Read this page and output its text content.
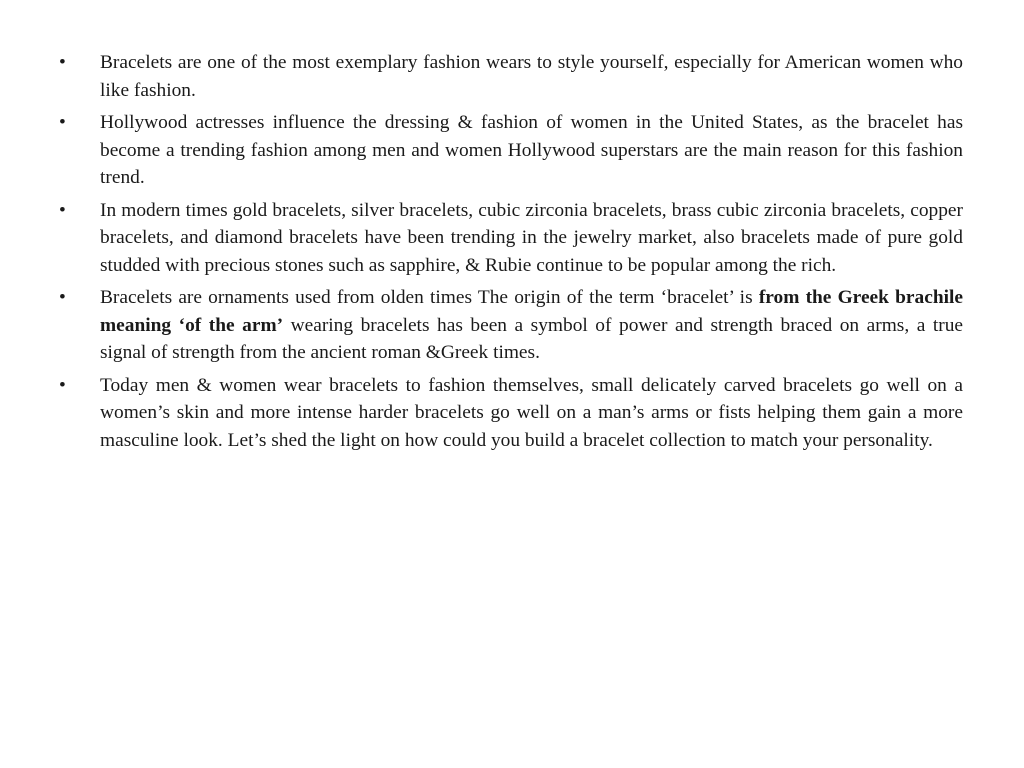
• Bracelets are one of the most exemplary fashion wears to style yourself, especially for American women who like fashion.
• Hollywood actresses influence the dressing & fashion of women in the United States, as the bracelet has become a trending fashion among men and women Hollywood superstars are the main reason for this fashion trend.
• In modern times gold bracelets, silver bracelets, cubic zirconia bracelets, brass cubic zirconia bracelets, copper bracelets, and diamond bracelets have been trending in the jewelry market, also bracelets made of pure gold studded with precious stones such as sapphire, & Rubie continue to be popular among the rich.
• Bracelets are ornaments used from olden times The origin of the term ‘bracelet’ is from the Greek brachile meaning ‘of the arm’ wearing bracelets has been a symbol of power and strength braced on arms, a true signal of strength from the ancient roman &Greek times.
• Today men & women wear bracelets to fashion themselves, small delicately carved bracelets go well on a women’s skin and more intense harder bracelets go well on a man’s arms or fists helping them gain a more masculine look. Let’s shed the light on how could you build a bracelet collection to match your personality.
